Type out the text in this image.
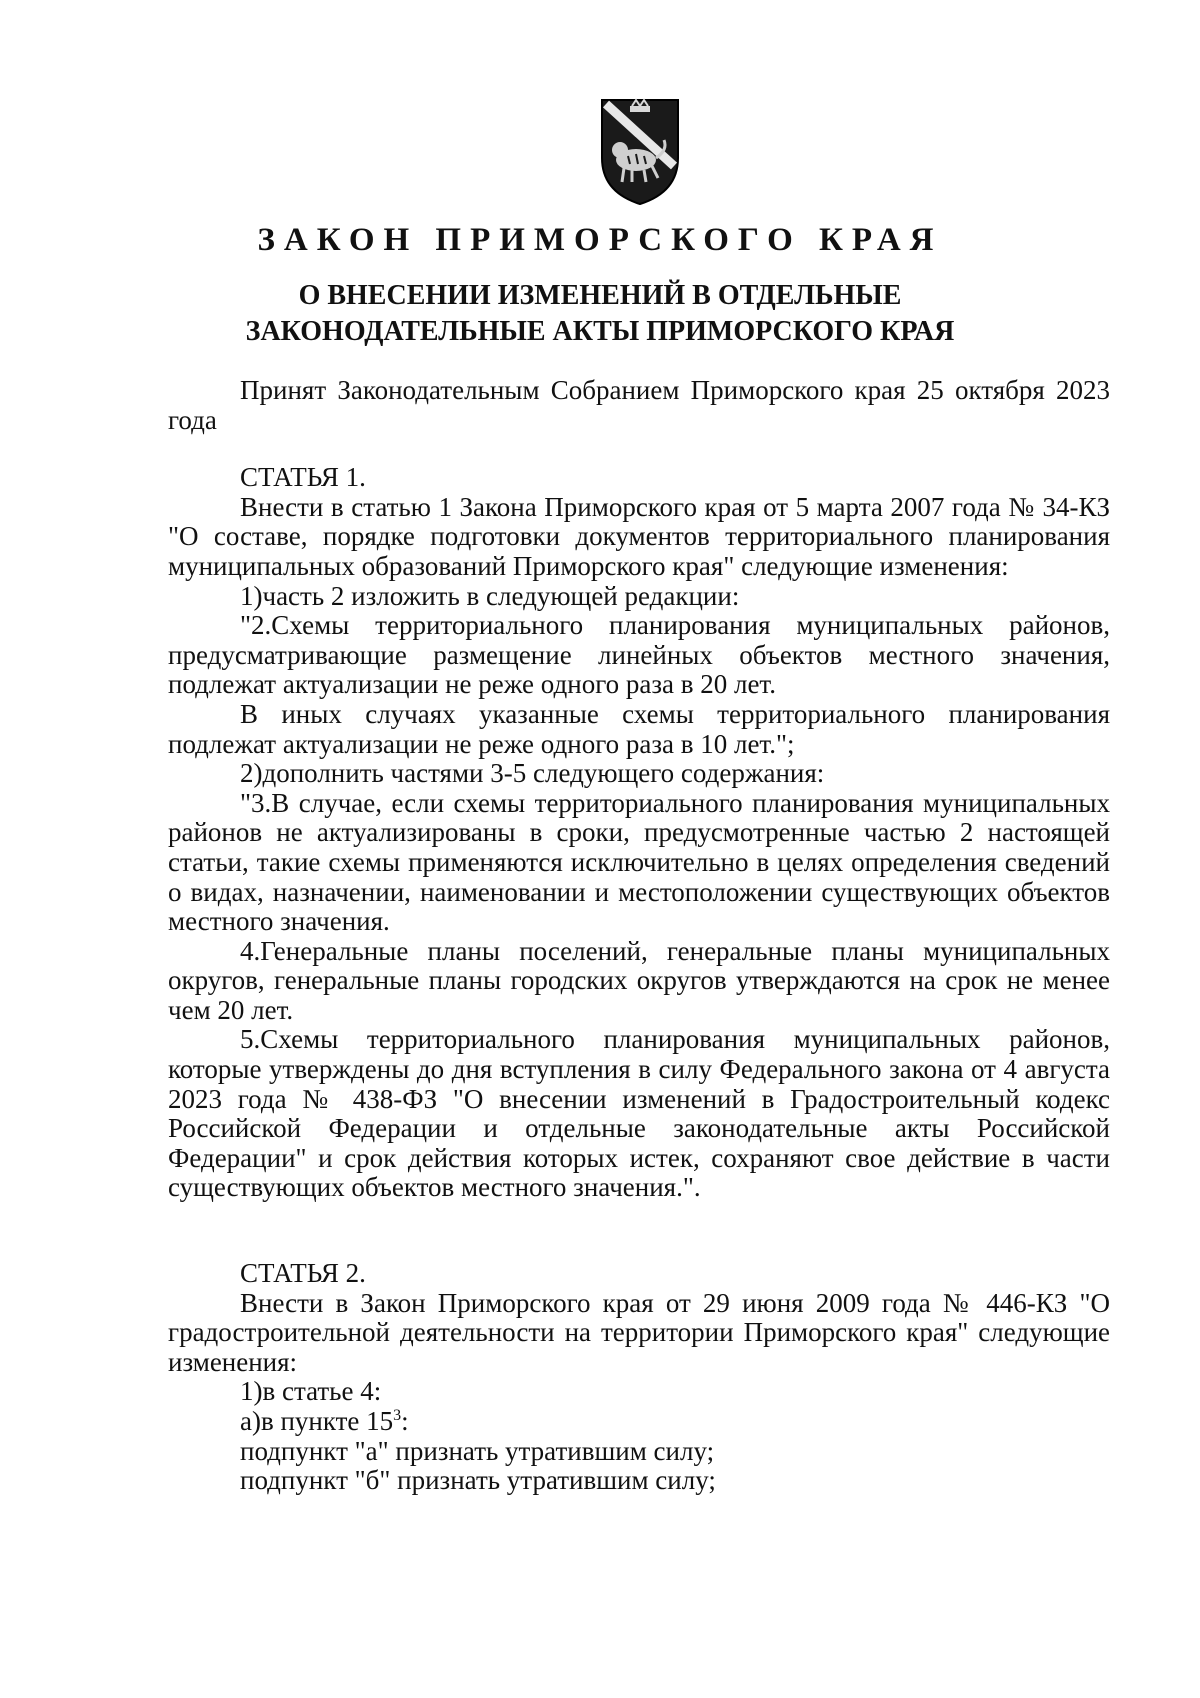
ЗАКОН ПРИМОРСКОГО КРАЯ
О ВНЕСЕНИИ ИЗМЕНЕНИЙ В ОТДЕЛЬНЫЕ
ЗАКОНОДАТЕЛЬНЫЕ АКТЫ ПРИМОРСКОГО КРАЯ

Принят Законодательным Собранием Приморского края 25 октября 2023 года

СТАТЬЯ 1.

Внести в статью 1 Закона Приморского края от 5 марта 2007 года № 34-КЗ "О составе, порядке подготовки документов территориального планирования муниципальных образований Приморского края" следующие изменения:

1)часть 2 изложить в следующей редакции:

"2.Схемы территориального планирования муниципальных районов, предусматривающие размещение линейных объектов местного значения, подлежат актуализации не реже одного раза в 20 лет.

В иных случаях указанные схемы территориального планирования подлежат актуализации не реже одного раза в 10 лет.";

2)дополнить частями 3-5 следующего содержания:

"3.В случае, если схемы территориального планирования муниципальных районов не актуализированы в сроки, предусмотренные частью 2 настоящей статьи, такие схемы применяются исключительно в целях определения сведений о видах, назначении, наименовании и местоположении существующих объектов местного значения.

4.Генеральные планы поселений, генеральные планы муниципальных округов, генеральные планы городских округов утверждаются на срок не менее чем 20 лет.

5.Схемы территориального планирования муниципальных районов, которые утверждены до дня вступления в силу Федерального закона от 4 августа 2023 года № 438-ФЗ "О внесении изменений в Градостроительный кодекс Российской Федерации и отдельные законодательные акты Российской Федерации" и срок действия которых истек, сохраняют свое действие в части существующих объектов местного значения.".

СТАТЬЯ 2.

Внести в Закон Приморского края от 29 июня 2009 года № 446-КЗ "О градостроительной деятельности на территории Приморского края" следующие изменения:

1)в статье 4:

а)в пункте $15^3$:

подпункт "а" признать утратившим силу;

подпункт "б" признать утратившим силу;
